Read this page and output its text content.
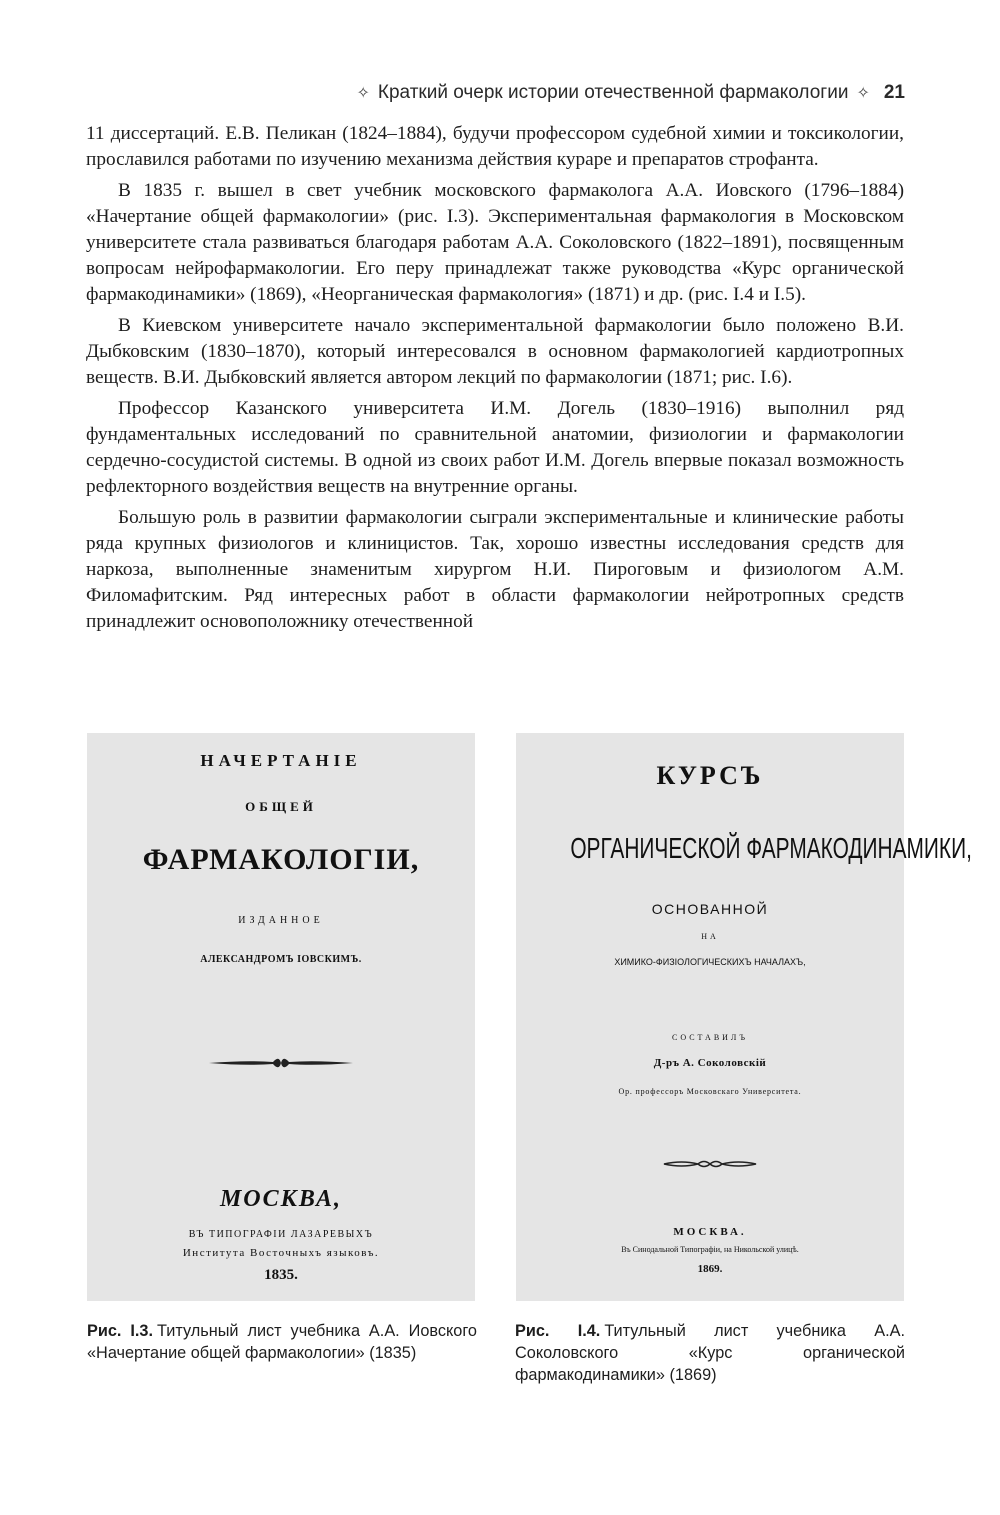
✧ Краткий очерк истории отечественной фармакологии ✧ 21

11 диссертаций. Е.В. Пеликан (1824–1884), будучи профессором судебной химии и токсикологии, прославился работами по изучению механизма действия кураре и препаратов строфанта.

В 1835 г. вышел в свет учебник московского фармаколога А.А. Иовского (1796–1884) «Начертание общей фармакологии» (рис. I.3). Экспериментальная фармакология в Московском университете стала развиваться благодаря работам А.А. Соколовского (1822–1891), посвященным вопросам нейрофармакологии. Его перу принадлежат также руководства «Курс органической фармакодинамики» (1869), «Неорганическая фармакология» (1871) и др. (рис. I.4 и I.5).

В Киевском университете начало экспериментальной фармакологии было положено В.И. Дыбковским (1830–1870), который интересовался в основном фармакологией кардиотропных веществ. В.И. Дыбковский является автором лекций по фармакологии (1871; рис. I.6).

Профессор Казанского университета И.М. Догель (1830–1916) выполнил ряд фундаментальных исследований по сравнительной анатомии, физиологии и фармакологии сердечно-сосудистой системы. В одной из своих работ И.М. Догель впервые показал возможность рефлекторного воздействия веществ на внутренние органы.

Большую роль в развитии фармакологии сыграли экспериментальные и клинические работы ряда крупных физиологов и клиницистов. Так, хорошо известны исследования средств для наркоза, выполненные знаменитым хирургом Н.И. Пироговым и физиологом А.М. Филомафитским. Ряд интересных работ в области фармакологии нейротропных средств принадлежит основоположнику отечественной

НАЧЕРТАНІЕ
ОБЩЕЙ
ФАРМАКОЛОГІИ,
ИЗДАННОЕ
АЛЕКСАНДРОМЪ ІОВСКИМЪ.
МОСКВА,
ВЪ ТИПОГРАФІИ ЛАЗАРЕВЫХЪ
Института Восточныхъ языковъ.
1835.
КУРСЪ
ОРГАНИЧЕСКОЙ ФАРМАКОДИНАМИКИ,
ОСНОВАННОЙ
НА
ХИМИКО-ФИЗІОЛОГИЧЕСКИХЪ НАЧАЛАХЪ,
СОСТАВИЛЪ
Д-ръ А. Соколовскій
Ор. профессоръ Московскаго Университета.
МОСКВА.
Въ Синодальной Типографіи, на Никольской улицѣ.
1869.
Рис. I.3. Титульный лист учебника А.А. Иовского «Начертание общей фармакологии» (1835)
Рис. I.4. Титульный лист учебника А.А. Соколовского «Курс органической фармакодинамики» (1869)
